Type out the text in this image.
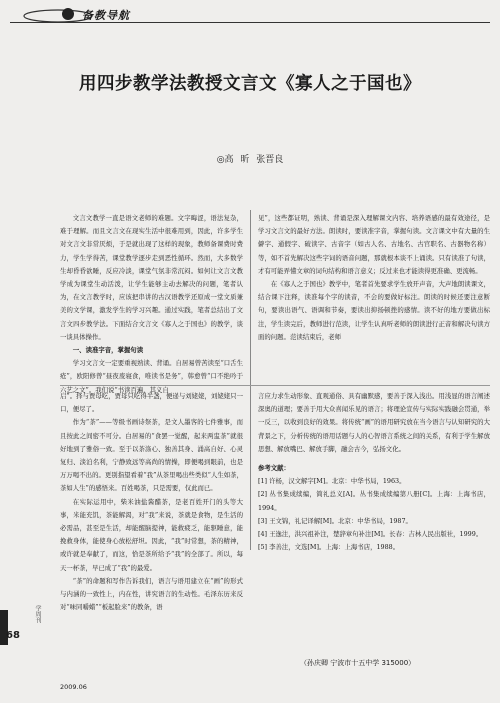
备教导航
用四步教学法教授文言文《寡人之于国也》
◎高 昕 张晋良

文言文教学一直是语文老师的难题。文字晦涩，语法复杂，难于理解。而且文言文在现实生活中很难用到，因此，许多学生对文言文非常厌烦，于是就出现了这样的现象，教师备课费时费力，学生学得苦，课堂教学逐步走到恶性循环。然而，大多数学生却昏昏欲睡，反应冷淡，课堂气氛非常沉闷。如何让文言文教学成为课堂生动活泼，让学生能够主动去解决的问题，笔者认为，在文言教学时，应该把串讲的古汉语教学还原成一堂文质兼美的文学课，激发学生的学习兴趣。通过实践，笔者总结出了文言文四步教学法。下面结合文言文《寡人之于国也》的教学，谈一谈具体操作。

一、读准字音，掌握句读

学习文言文一定要重视熟读、背诵。自居易曾苦读至“口舌生疮”，欧阳修曾“昼夜废寝食，唯读书是务”，韩愈曾“口不绝吟于六艺之文”。我们说“书读百遍，其义自

见”，这些都证明，熟读、背诵是深入理解课文内容、培养语感的最有效途径，是学习文言文的最好方法。朗读时，要读准字音，掌握句读。文言课文中有大量的生僻字、通假字、破读字、古音字（如古人名、古地名、古官职名、古器物名称）等，如不首先解决这些字词的语音问题，那就根本谈不上诵读。只有读准了句读，才有可能弄懂文章的词句结构和语言意义；反过来也才能读得更准确、更流畅。

在《寡人之于国也》教学中，笔者首先要求学生放开声音，大声地朗读课文，结合课下注释，读准每个字的读音，不会的要做好标注。朗读的时候还要注意断句，要读出语气、语调和节奏，要读出抑扬顿挫的感情。读不好的地方要做出标注，学生读完后，教师进行范读，让学生认真听老师的朗读进行正音和解决句读方面的问题。范读结束后，老师

启”。择与贾母吃，贾母只吃得半盏，便递与刘姥姥，刘姥姥只一口，便尽了。

作为“茶”——等级书画诗祭茶，是文人墨客的七件雅事，而且按此之间密不可分。白居易的“食罢一觉醒，起来两盅茶”就很好地到了雅俗一致。至于以茶涤心、独善其身、涌高自好、心灵复归、淡泊名利，宁静致远等高尚的情操，即便喝到眼前，也是万万喝不出的。更别指望看着“我”从茶里喝出些类似“人生如茶，茶如人生”的感悟来。百姓喝茶，只是需要，仅此而已。

在实际运用中，柴米油盐酱醋茶，是老百姓开门的头等大事，米能充饥，茶能解渴，对“我”来说，茶就是食物，是生活的必需品，甚至是生活，却能醒脑提神，能救疲乏，能驱睡意，能挽救身体，能使身心放松舒坦。因此，“我”时常想，茶的精神，或许就是奉献了，而这，恰是茶所给予“我”的全部了。所以，每天一杯茶，早已成了“我”的最爱。

“茶”的命题和写作告诉我们，语言与语用建立在“画”的形式与内涵的一致性上，内在性，讲究语言的生动性。毛泽东历来反对“味同嚼蜡”“板起脸来”的教条，语

言应力求生动形象、直观通俗、具有幽默感，要善于深入浅出。用浅显的语言阐述深奥的道理；要善于用大众喜闻乐见的语言；将理论宣传与实际实践融会贯通，举一反三，以收到良好的效果。将传统“画”的语用研究放在当今语言与认知研究的大背景之下，分析传统的语用话题与人的心智语言系统之间的关系，有利于学生解放思想、解放嘴巴、解放手脚，融会古今，弘扬文化。

参考文献：

[1] 许杨，汉文解字[M]。北京：中华书局，1963。
[2] 丛书集成续编，简礼总义[A]。丛书集成续编第八册[C]。上海：上海书店，1994。
[3] 王文锦，礼记译解[M]。北京：中华书局，1987。
[4] 王逸注，洪兴祖补注，楚辞章句补注[M]。长春：吉林人民出版社，1999。
[5] 李善注，文选[M]。上海：上海书店，1988。
（孙庆卿 宁波市十五中学 315000）
68
学周刊
2009.06
